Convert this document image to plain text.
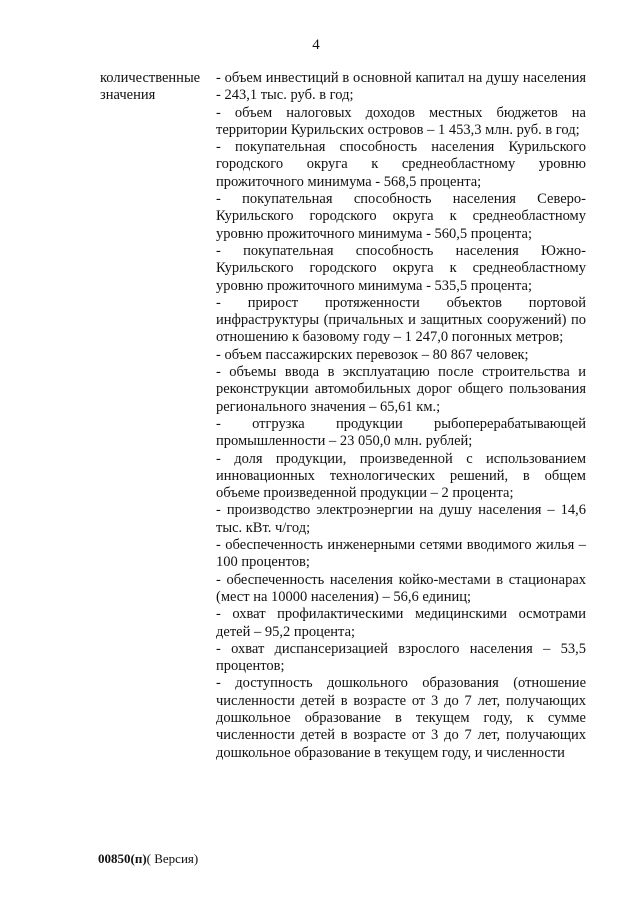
4
количественные значения
- объем инвестиций в основной капитал на душу населения - 243,1 тыс. руб. в год;
- объем налоговых доходов местных бюджетов на территории Курильских островов – 1 453,3 млн. руб. в год;
- покупательная способность населения Курильского городского округа к среднеобластному уровню прожиточного минимума - 568,5 процента;
- покупательная способность населения Северо-Курильского городского округа к среднеобластному уровню прожиточного минимума - 560,5 процента;
- покупательная способность населения Южно-Курильского городского округа к среднеобластному уровню прожиточного минимума - 535,5 процента;
- прирост протяженности объектов портовой инфраструктуры (причальных и защитных сооружений) по отношению к базовому году – 1 247,0 погонных метров;
- объем пассажирских перевозок – 80 867 человек;
- объемы ввода в эксплуатацию после строительства и реконструкции автомобильных дорог общего пользования регионального значения – 65,61 км.;
- отгрузка продукции рыбоперерабатывающей промышленности – 23 050,0 млн. рублей;
- доля продукции, произведенной с использованием инновационных технологических решений, в общем объеме произведенной продукции – 2 процента;
- производство электроэнергии на душу населения – 14,6 тыс. кВт. ч/год;
- обеспеченность инженерными сетями вводимого жилья – 100 процентов;
- обеспеченность населения койко-местами в стационарах (мест на 10000 населения) – 56,6 единиц;
- охват профилактическими медицинскими осмотрами детей – 95,2 процента;
- охват диспансеризацией взрослого населения – 53,5 процентов;
- доступность дошкольного образования (отношение численности детей в возрасте от 3 до 7 лет, получающих дошкольное образование в текущем году, к сумме численности детей в возрасте от 3 до 7 лет, получающих дошкольное образование в текущем году, и численности
00850(п)( Версия)
